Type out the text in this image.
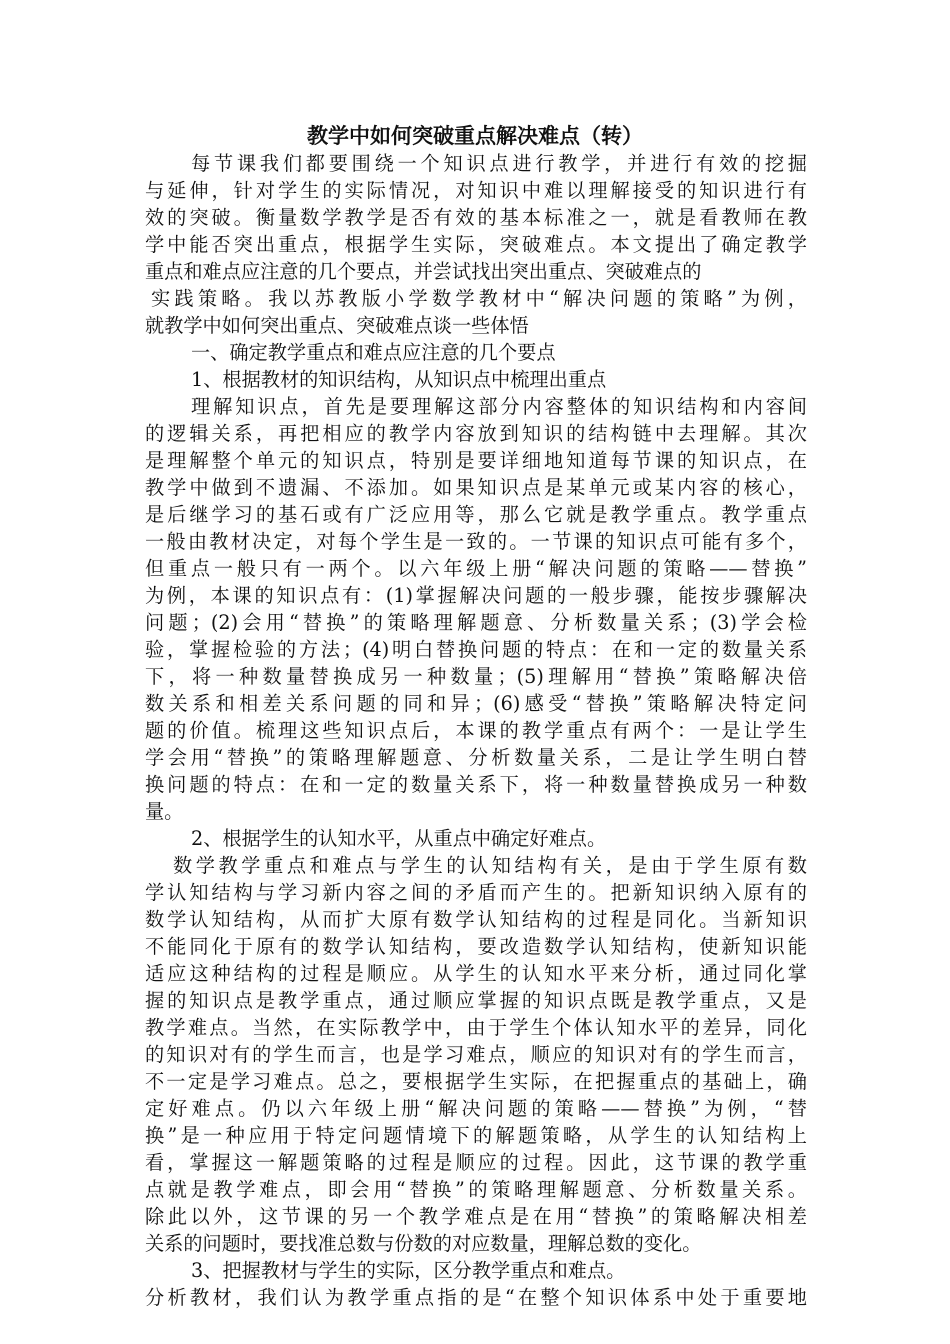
教学中如何突破重点解决难点（转）
每节课我们都要围绕一个知识点进行教学，并进行有效的挖掘
与延伸，针对学生的实际情况，对知识中难以理解接受的知识进行有
效的突破。衡量数学教学是否有效的基本标准之一，就是看教师在教
学中能否突出重点，根据学生实际，突破难点。本文提出了确定教学
重点和难点应注意的几个要点，并尝试找出突出重点、突破难点的
实践策略。我以苏教版小学数学教材中“解决问题的策略”为例，
就教学中如何突出重点、突破难点谈一些体悟
一、确定教学重点和难点应注意的几个要点
1、根据教材的知识结构，从知识点中梳理出重点
理解知识点，首先是要理解这部分内容整体的知识结构和内容间
的逻辑关系，再把相应的教学内容放到知识的结构链中去理解。其次
是理解整个单元的知识点，特别是要详细地知道每节课的知识点，在
教学中做到不遗漏、不添加。如果知识点是某单元或某内容的核心，
是后继学习的基石或有广泛应用等，那么它就是教学重点。教学重点
一般由教材决定，对每个学生是一致的。一节课的知识点可能有多个，
但重点一般只有一两个。以六年级上册“解决问题的策略——替换”
为例，本课的知识点有：(1)掌握解决问题的一般步骤，能按步骤解决
问题；(2)会用“替换”的策略理解题意、分析数量关系；(3)学会检
验，掌握检验的方法；(4)明白替换问题的特点：在和一定的数量关系
下，将一种数量替换成另一种数量；(5)理解用“替换”策略解决倍
数关系和相差关系问题的同和异；(6)感受“替换”策略解决特定问
题的价值。梳理这些知识点后，本课的教学重点有两个：一是让学生
学会用“替换”的策略理解题意、分析数量关系，二是让学生明白替
换问题的特点：在和一定的数量关系下，将一种数量替换成另一种数
量。
2、根据学生的认知水平，从重点中确定好难点。
数学教学重点和难点与学生的认知结构有关，是由于学生原有数
学认知结构与学习新内容之间的矛盾而产生的。把新知识纳入原有的
数学认知结构，从而扩大原有数学认知结构的过程是同化。当新知识
不能同化于原有的数学认知结构，要改造数学认知结构，使新知识能
适应这种结构的过程是顺应。从学生的认知水平来分析，通过同化掌
握的知识点是教学重点，通过顺应掌握的知识点既是教学重点，又是
教学难点。当然，在实际教学中，由于学生个体认知水平的差异，同化
的知识对有的学生而言，也是学习难点，顺应的知识对有的学生而言，
不一定是学习难点。总之，要根据学生实际，在把握重点的基础上，确
定好难点。仍以六年级上册“解决问题的策略——替换”为例，“替
换”是一种应用于特定问题情境下的解题策略，从学生的认知结构上
看，掌握这一解题策略的过程是顺应的过程。因此，这节课的教学重
点就是教学难点，即会用“替换”的策略理解题意、分析数量关系。
除此以外，这节课的另一个教学难点是在用“替换”的策略解决相差
关系的问题时，要找准总数与份数的对应数量，理解总数的变化。
3、把握教材与学生的实际，区分教学重点和难点。
分析教材，我们认为教学重点指的是“在整个知识体系中处于重要地
